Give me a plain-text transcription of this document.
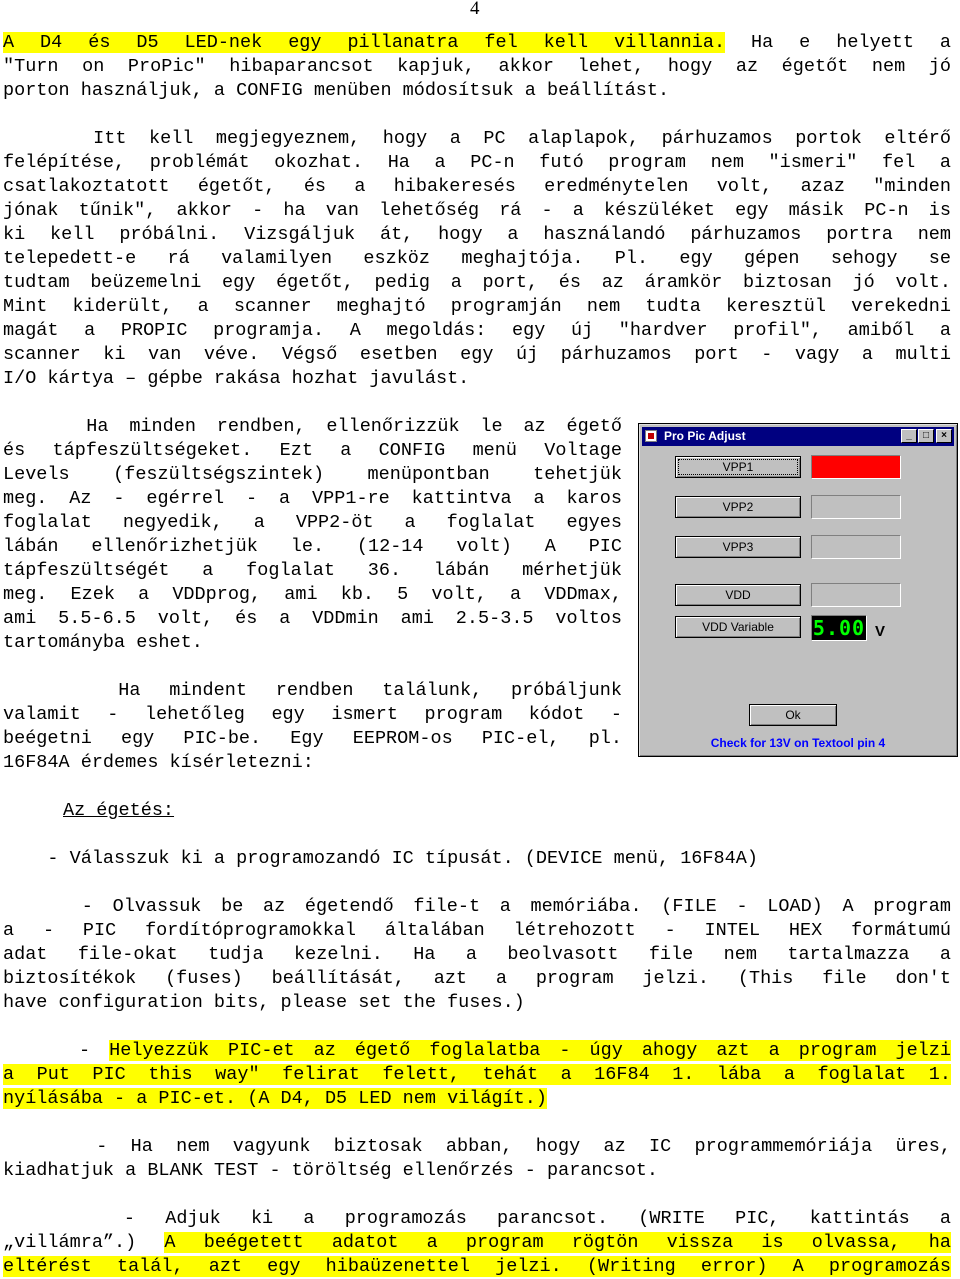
4
A D4 és D5 LED-nek egy pillanatra fel kell villannia. Ha e helyett a
"Turn on ProPic" hibaparancsot kapjuk, akkor lehet, hogy az égetőt nem jó
porton használjuk, a CONFIG menüben módosítsuk a beállítást.
Itt kell megjegyeznem, hogy a PC alaplapok, párhuzamos portok eltérő
felépítése, problémát okozhat. Ha a PC-n futó program nem "ismeri" fel a
csatlakoztatott égetőt, és a hibakeresés eredménytelen volt, azaz "minden
jónak tűnik", akkor - ha van lehetőség rá - a készüléket egy másik PC-n is
ki kell próbálni. Vizsgáljuk át, hogy a használandó párhuzamos portra nem
telepedett-e rá valamilyen eszköz meghajtója. Pl. egy gépen sehogy se
tudtam beüzemelni egy égetőt, pedig a port, és az áramkör biztosan jó volt.
Mint kiderült, a scanner meghajtó programján nem tudta keresztül verekedni
magát a PROPIC programja. A megoldás: egy új "hardver profil", amiből a
scanner ki van véve. Végső esetben egy új párhuzamos port - vagy a multi
I/O kártya – gépbe rakása hozhat javulást.
Ha minden rendben, ellenőrizzük le az égető
és tápfeszültségeket. Ezt a CONFIG menü Voltage
Levels (feszültségszintek) menüpontban tehetjük
meg. Az - egérrel - a VPP1-re kattintva a karos
foglalat negyedik, a VPP2-öt a foglalat egyes
lábán ellenőrizhetjük le. (12-14 volt) A PIC
tápfeszültségét a foglalat 36. lábán mérhetjük
meg. Ezek a VDDprog, ami kb. 5 volt, a VDDmax,
ami 5.5-6.5 volt, és a VDDmin ami 2.5-3.5 voltos
tartományba eshet.
Ha mindent rendben találunk, próbáljunk
valamit - lehetőleg egy ismert program kódot -
beégetni egy PIC-be. Egy EEPROM-os PIC-el, pl.
16F84A érdemes kísérletezni:
Pro Pic Adjust	_	□	×
VPP1
VPP2
VPP3
VDD
VDD Variable	5.00 V
Ok
Check for 13V on Textool pin 4
Az égetés:
- Válasszuk ki a programozandó IC típusát. (DEVICE menü, 16F84A)
- Olvassuk be az égetendő file-t a memóriába. (FILE - LOAD) A program
a - PIC fordítóprogramokkal általában létrehozott - INTEL HEX formátumú
adat file-okat tudja kezelni. Ha a beolvasott file nem tartalmazza a
biztosítékok (fuses) beállítását, azt a program jelzi. (This file don't
have configuration bits, please set the fuses.)
- Helyezzük PIC-et az égető foglalatba - úgy ahogy azt a program jelzi
a Put PIC this way" felirat felett, tehát a 16F84 1. lába a foglalat 1.
nyílásába - a PIC-et. (A D4, D5 LED nem világít.)
- Ha nem vagyunk biztosak abban, hogy az IC programmemóriája üres,
kiadhatjuk a BLANK TEST - töröltség ellenőrzés - parancsot.
- Adjuk ki a programozás parancsot. (WRITE PIC, kattintás a
„villámra”.) A beégetett adatot a program rögtön vissza is olvassa, ha
eltérést talál, azt egy hibaüzenettel jelzi. (Writing error) A programozás
